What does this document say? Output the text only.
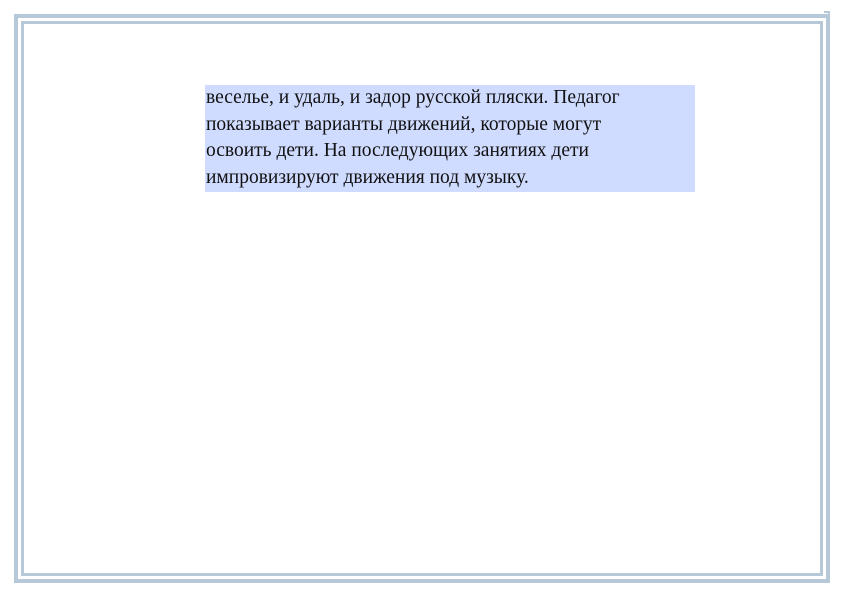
веселье, и удаль, и задор русской пляски. Педагог
показывает варианты движений, которые могут
освоить дети. На последующих занятиях дети
импровизируют движения под музыку.
